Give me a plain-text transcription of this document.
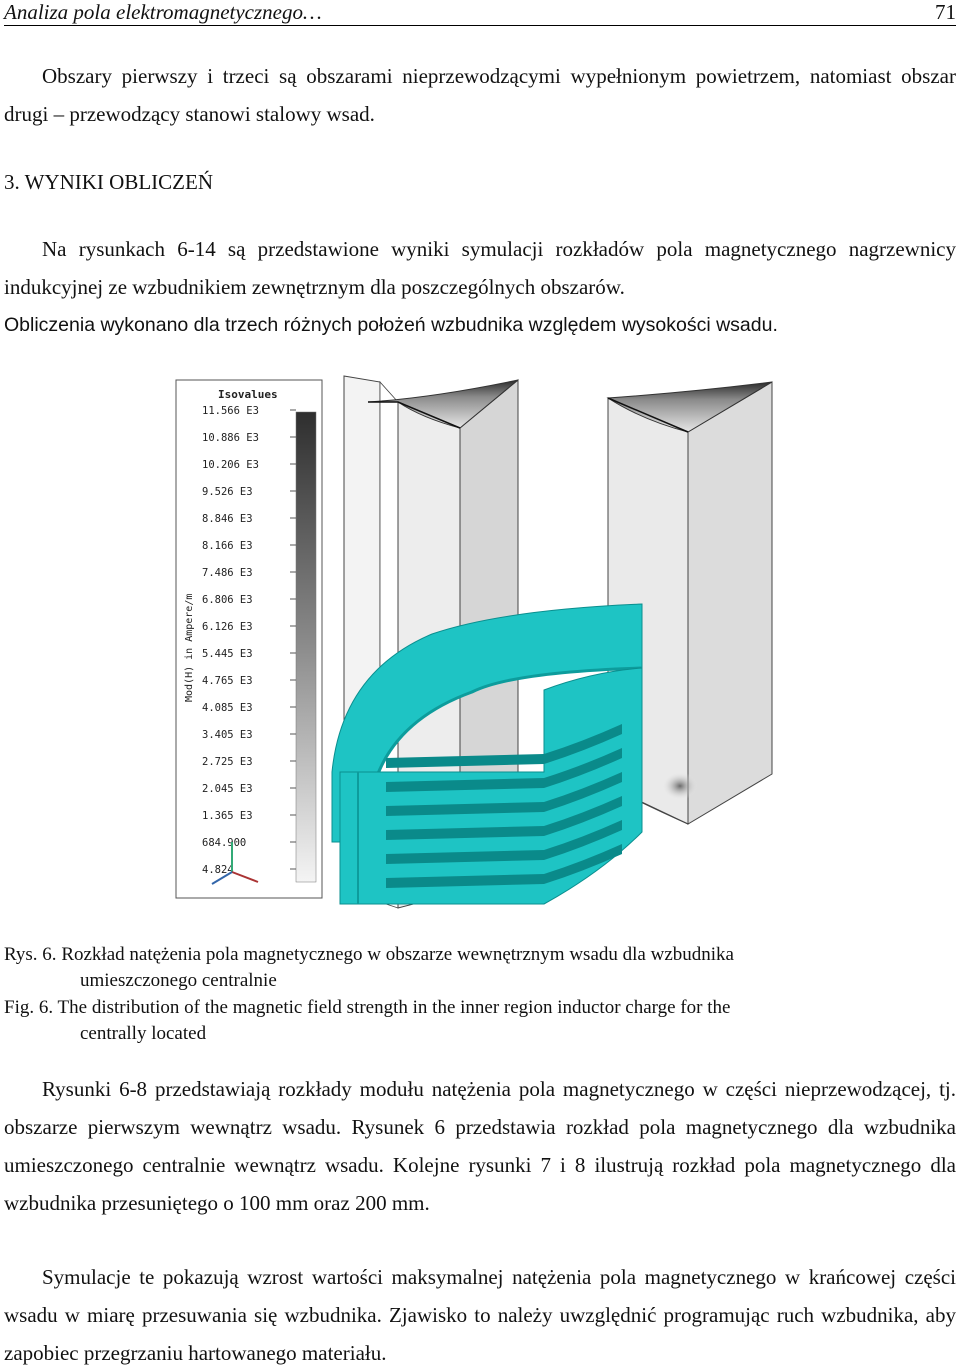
Analiza pola elektromagnetycznego…	71
Obszary pierwszy i trzeci są obszarami nieprzewodzącymi wypełnionym powietrzem, natomiast obszar drugi – przewodzący stanowi stalowy wsad.
3. WYNIKI OBLICZEŃ
Na rysunkach 6-14 są przedstawione wyniki symulacji rozkładów pola magnetycznego nagrzewnicy indukcyjnej ze wzbudnikiem zewnętrznym dla poszczególnych obszarów.
Obliczenia wykonano dla trzech różnych położeń wzbudnika względem wysokości wsadu.
Isovalues
Mod(H) in Ampere/m
11.566 E3
10.886 E3
10.206 E3
9.526 E3
8.846 E3
8.166 E3
7.486 E3
6.806 E3
6.126 E3
5.445 E3
4.765 E3
4.085 E3
3.405 E3
2.725 E3
2.045 E3
1.365 E3
684.900
4.824
Rys. 6. Rozkład natężenia pola magnetycznego w obszarze wewnętrznym wsadu dla wzbudnika
umieszczonego centralnie
Fig. 6. The distribution of the magnetic field strength in the inner region inductor charge for the
centrally located
Rysunki 6-8 przedstawiają rozkłady modułu natężenia pola magnetycznego w części nieprzewodzącej, tj. obszarze pierwszym wewnątrz wsadu. Rysunek 6 przedstawia rozkład pola magnetycznego dla wzbudnika umieszczonego centralnie wewnątrz wsadu. Kolejne rysunki 7 i 8 ilustrują rozkład pola magnetycznego dla wzbudnika przesuniętego o 100 mm oraz 200 mm.
Symulacje te pokazują wzrost wartości maksymalnej natężenia pola magnetycznego w krańcowej części wsadu w miarę przesuwania się wzbudnika. Zjawisko to należy uwzględnić programując ruch wzbudnika, aby zapobiec przegrzaniu hartowanego materiału.
